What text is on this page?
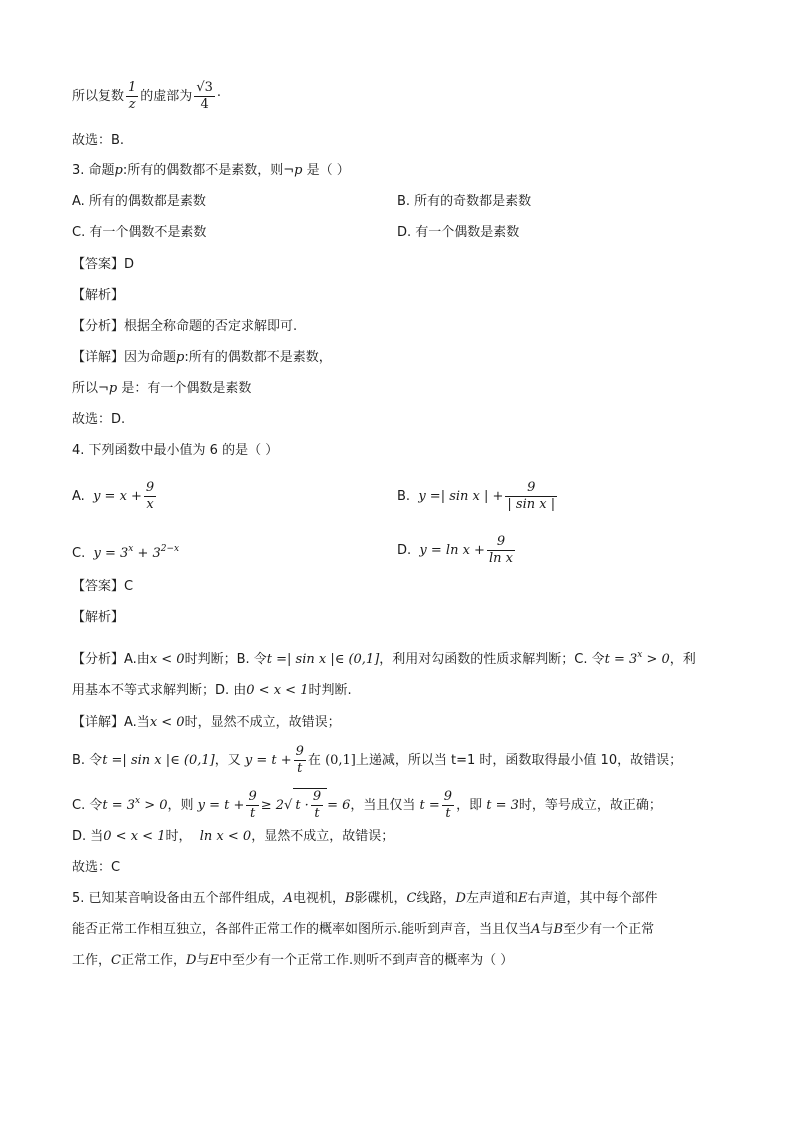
所以复数 $\frac{1}{z}$ 的虚部为 $\frac{√3}{4}$ ·
故选：B.
3. 命题p:所有的偶数都不是素数，则¬p 是（ ）
A. 所有的偶数都是素数	B. 所有的奇数都是素数
C. 有一个偶数不是素数	D. 有一个偶数是素数
【答案】D
【解析】
【分析】根据全称命题的否定求解即可.
【详解】因为命题p:所有的偶数都不是素数，
所以¬p 是：有一个偶数是素数
故选：D.
4. 下列函数中最小值为 6 的是（ ）
A. $y = x + \frac{9}{x}$	B. y =| sin x | + $\frac{9}{\text{| sin x |}}$
C. $y = 3^x + 3^{2-x}$	D. $y = \ln x + \frac{9}{\text{ln x}}$
【答案】C
【解析】
【分析】A.由x < 0时判断；B. 令t =| sin x |∈ (0,1]，利用对勾函数的性质求解判断；C. 令$t = 3^x > 0$，利
用基本不等式求解判断；D. 由0 < x < 1时判断.
【详解】A.当x < 0时，显然不成立，故错误；
B. 令t =| sin x |∈ (0,1]，又 $y = t + \frac{9}{t}$ 在 (0,1]上递减，所以当 t=1 时，函数取得最小值 10，故错误；
C. 令$t = 3^x > 0$，则 $y = t + \frac{9}{t} \ge 2√$ $t \cdot \frac{9}{t} = 6$，当且仅当 $t = \frac{9}{t}$ ，即 t = 3时，等号成立，故正确；
D. 当0 < x < 1时， ln x < 0，显然不成立，故错误；
故选：C
5. 已知某音响设备由五个部件组成，A电视机，B影碟机，C线路，D左声道和E右声道，其中每个部件
能否正常工作相互独立，各部件正常工作的概率如图所示.能听到声音，当且仅当A与B至少有一个正常
工作，C正常工作，D与E中至少有一个正常工作.则听不到声音的概率为（ ）
